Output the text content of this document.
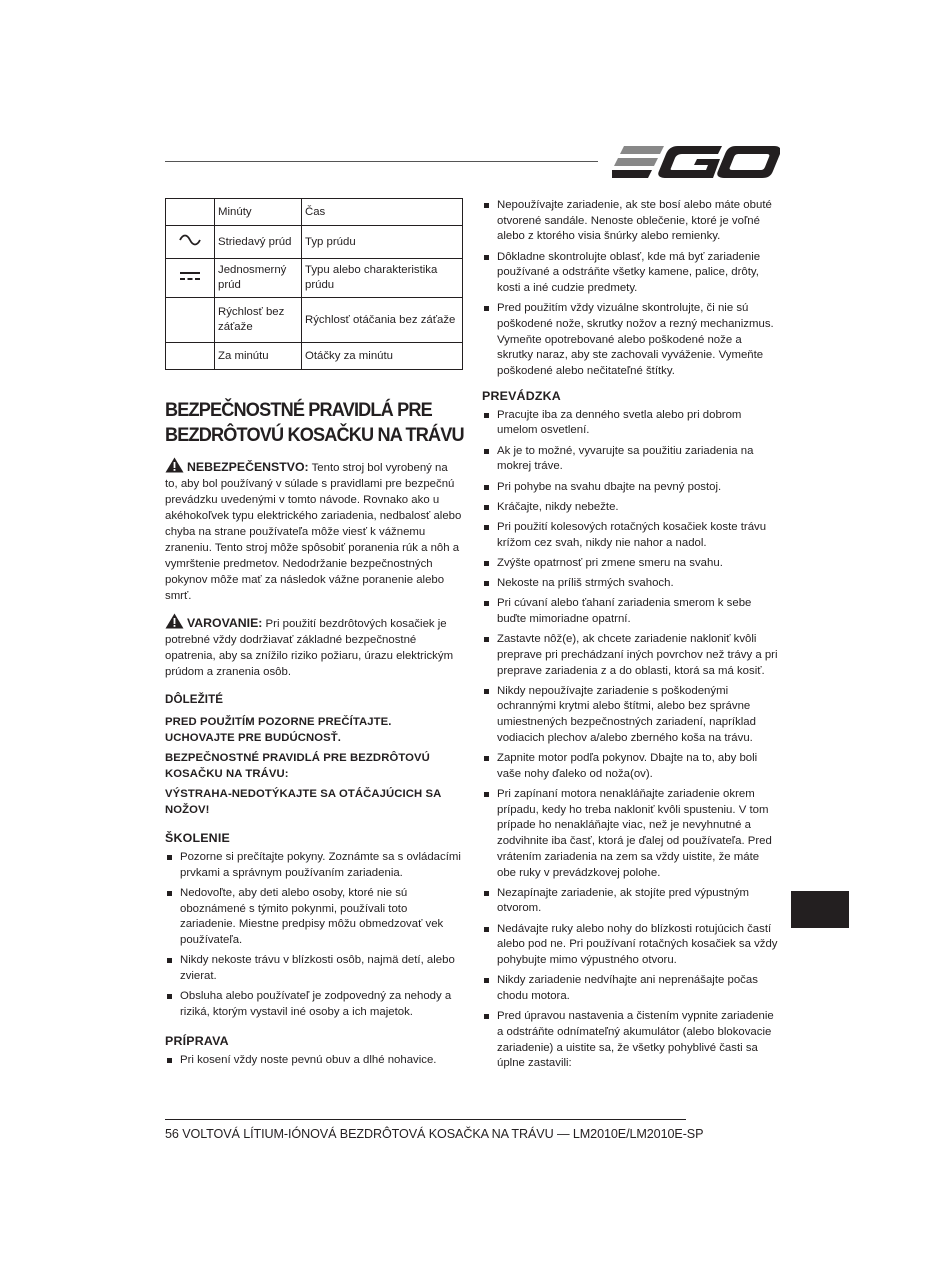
	Minúty	Čas
	Striedavý prúd	Typ prúdu
	Jednosmerný prúd	Typu alebo charakteristika prúdu
	Rýchlosť bez záťaže	Rýchlosť otáčania bez záťaže
	Za minútu	Otáčky za minútu
BEZPEČNOSTNÉ PRAVIDLÁ PRE
BEZDRÔTOVÚ KOSAČKU NA TRÁVU

NEBEZPEČENSTVO: Tento stroj bol vyrobený na to, aby bol používaný v súlade s pravidlami pre bezpečnú prevádzku uvedenými v tomto návode. Rovnako ako u akéhokoľvek typu elektrického zariadenia, nedbalosť alebo chyba na strane používateľa môže viesť k vážnemu zraneniu. Tento stroj môže spôsobiť poranenia rúk a nôh a vymrštenie predmetov. Nedodržanie bezpečnostných pokynov môže mať za následok vážne poranenie alebo smrť.

VAROVANIE: Pri použití bezdrôtových kosačiek je potrebné vždy dodržiavať základné bezpečnostné opatrenia, aby sa znížilo riziko požiaru, úrazu elektrickým prúdom a zranenia osôb.

DÔLEŽITÉ

PRED POUŽITÍM POZORNE PREČÍTAJTE. UCHOVAJTE PRE BUDÚCNOSŤ.

BEZPEČNOSTNÉ PRAVIDLÁ PRE BEZDRÔTOVÚ KOSAČKU NA TRÁVU:

VÝSTRAHA-NEDOTÝKAJTE SA OTÁČAJÚCICH SA NOŽOV!

ŠKOLENIE
Pozorne si prečítajte pokyny. Zoznámte sa s ovládacími prvkami a správnym používaním zariadenia.
Nedovoľte, aby deti alebo osoby, ktoré nie sú oboznámené s týmito pokynmi, používali toto zariadenie. Miestne predpisy môžu obmedzovať vek používateľa.
Nikdy nekoste trávu v blízkosti osôb, najmä detí, alebo zvierat.
Obsluha alebo používateľ je zodpovedný za nehody a riziká, ktorým vystavil iné osoby a ich majetok.
PRÍPRAVA
Pri kosení vždy noste pevnú obuv a dlhé nohavice.
Nepoužívajte zariadenie, ak ste bosí alebo máte obuté otvorené sandále. Nenoste oblečenie, ktoré je voľné alebo z ktorého visia šnúrky alebo remienky.
Dôkladne skontrolujte oblasť, kde má byť zariadenie používané a odstráňte všetky kamene, palice, drôty, kosti a iné cudzie predmety.
Pred použitím vždy vizuálne skontrolujte, či nie sú poškodené nože, skrutky nožov a rezný mechanizmus. Vymeňte opotrebované alebo poškodené nože a skrutky naraz, aby ste zachovali vyváženie. Vymeňte poškodené alebo nečitateľné štítky.
PREVÁDZKA
Pracujte iba za denného svetla alebo pri dobrom umelom osvetlení.
Ak je to možné, vyvarujte sa použitiu zariadenia na mokrej tráve.
Pri pohybe na svahu dbajte na pevný postoj.
Kráčajte, nikdy nebežte.
Pri použití kolesových rotačných kosačiek koste trávu krížom cez svah, nikdy nie nahor a nadol.
Zvýšte opatrnosť pri zmene smeru na svahu.
Nekoste na príliš strmých svahoch.
Pri cúvaní alebo ťahaní zariadenia smerom k sebe buďte mimoriadne opatrní.
Zastavte nôž(e), ak chcete zariadenie nakloniť kvôli preprave pri prechádzaní iných povrchov než trávy a pri preprave zariadenia z a do oblasti, ktorá sa má kosiť.
Nikdy nepoužívajte zariadenie s poškodenými ochrannými krytmi alebo štítmi, alebo bez správne umiestnených bezpečnostných zariadení, napríklad vodiacich plechov a/alebo zberného koša na trávu.
Zapnite motor podľa pokynov. Dbajte na to, aby boli vaše nohy ďaleko od noža(ov).
Pri zapínaní motora nenakláňajte zariadenie okrem prípadu, kedy ho treba nakloniť kvôli spusteniu. V tom prípade ho nenakláňajte viac, než je nevyhnutné a zodvihnite iba časť, ktorá je ďalej od používateľa. Pred vrátením zariadenia na zem sa vždy uistite, že máte obe ruky v prevádzkovej polohe.
Nezapínajte zariadenie, ak stojíte pred výpustným otvorom.
Nedávajte ruky alebo nohy do blízkosti rotujúcich častí alebo pod ne. Pri používaní rotačných kosačiek sa vždy pohybujte mimo výpustného otvoru.
Nikdy zariadenie nedvíhajte ani neprenášajte počas chodu motora.
Pred úpravou nastavenia a čistením vypnite zariadenie a odstráňte odnímateľný akumulátor (alebo blokovacie zariadenie) a uistite sa, že všetky pohyblivé časti sa úplne zastavili:
56 VOLTOVÁ LÍTIUM-IÓNOVÁ BEZDRÔTOVÁ KOSAČKA NA TRÁVU — LM2010E/LM2010E-SP
